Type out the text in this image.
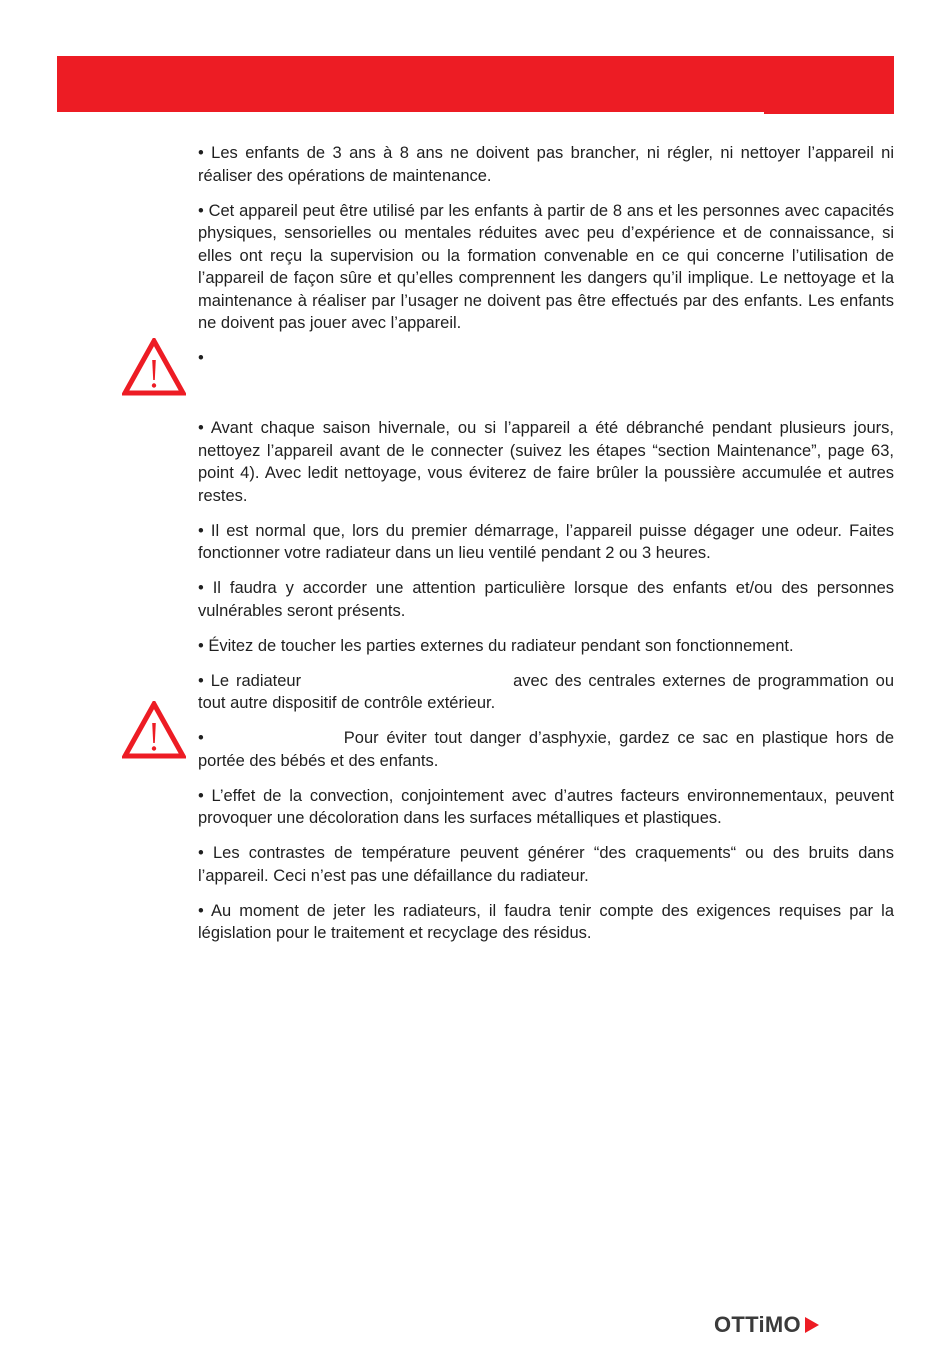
• Les enfants de 3 ans à 8 ans ne doivent pas brancher, ni régler, ni nettoyer l’appareil ni réaliser des opérations de maintenance.

• Cet appareil peut être utilisé par les enfants à partir de 8 ans et les personnes avec capacités physiques, sensorielles ou mentales réduites avec peu d’expérience et de connaissance, si elles ont reçu la supervision ou la formation convenable en ce qui concerne l’utilisation de l’appareil de façon sûre et qu’elles comprennent les dangers qu’il implique. Le nettoyage et la maintenance à réaliser par l’usager ne doivent pas être effectués par des enfants. Les enfants ne doivent pas jouer avec l’appareil.

•

• Avant chaque saison hivernale, ou si l’appareil a été débranché pendant plusieurs jours, nettoyez l’appareil avant de le connecter (suivez les étapes “section Maintenance”, page 63, point 4). Avec ledit nettoyage, vous éviterez de faire brûler la poussière accumulée et autres restes.

• Il est normal que, lors du premier démarrage, l’appareil puisse dégager une odeur. Faites fonctionner votre radiateur dans un lieu ventilé pendant 2 ou 3 heures.

• Il faudra y accorder une attention particulière lorsque des enfants et/ou des personnes vulnérables seront présents.

• Évitez de toucher les parties externes du radiateur pendant son fonctionnement.

• Le radiateur	avec des centrales externes de programmation ou tout autre dispositif de contrôle extérieur.

•	Pour éviter tout danger d’asphyxie, gardez ce sac en plastique hors de portée des bébés et des enfants.

• L’effet de la convection, conjointement avec d’autres facteurs environnementaux, peuvent provoquer une décoloration dans les surfaces métalliques et plastiques.

• Les contrastes de température peuvent générer “des craquements“ ou des bruits dans l’appareil. Ceci n’est pas une défaillance du radiateur.

• Au moment de jeter les radiateurs, il faudra tenir compte des exigences requises par la législation pour le traitement et recyclage des résidus.

OTTiMO
